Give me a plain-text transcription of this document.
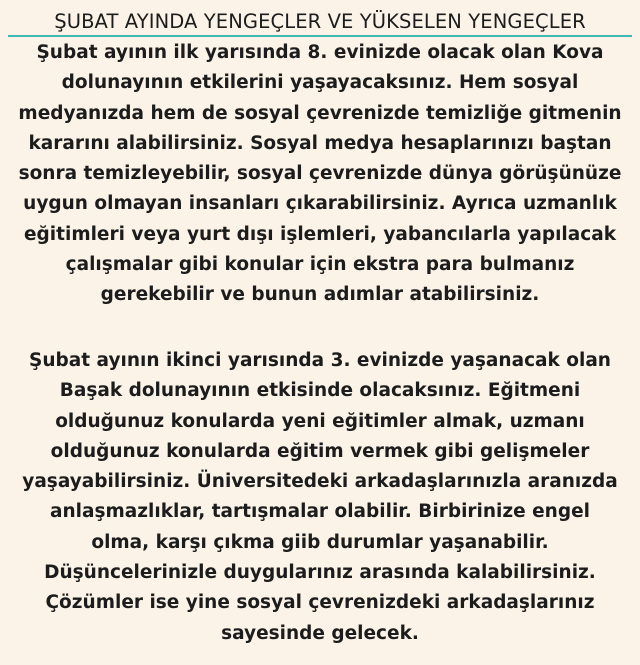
ŞUBAT AYINDA YENGEÇLER VE YÜKSELEN YENGEÇLER

Şubat ayının ilk yarısında 8. evinizde olacak olan Kova
dolunayının etkilerini yaşayacaksınız. Hem sosyal
medyanızda hem de sosyal çevrenizde temizliğe gitmenin
kararını alabilirsiniz. Sosyal medya hesaplarınızı baştan
sonra temizleyebilir, sosyal çevrenizde dünya görüşünüze
uygun olmayan insanları çıkarabilirsiniz. Ayrıca uzmanlık
eğitimleri veya yurt dışı işlemleri, yabancılarla yapılacak
çalışmalar gibi konular için ekstra para bulmanız
gerekebilir ve bunun adımlar atabilirsiniz.

Şubat ayının ikinci yarısında 3. evinizde yaşanacak olan
Başak dolunayının etkisinde olacaksınız. Eğitmeni
olduğunuz konularda yeni eğitimler almak, uzmanı
olduğunuz konularda eğitim vermek gibi gelişmeler
yaşayabilirsiniz. Üniversitedeki arkadaşlarınızla aranızda
anlaşmazlıklar, tartışmalar olabilir. Birbirinize engel
olma, karşı çıkma giib durumlar yaşanabilir.
Düşüncelerinizle duygularınız arasında kalabilirsiniz.
Çözümler ise yine sosyal çevrenizdeki arkadaşlarınız
sayesinde gelecek.
